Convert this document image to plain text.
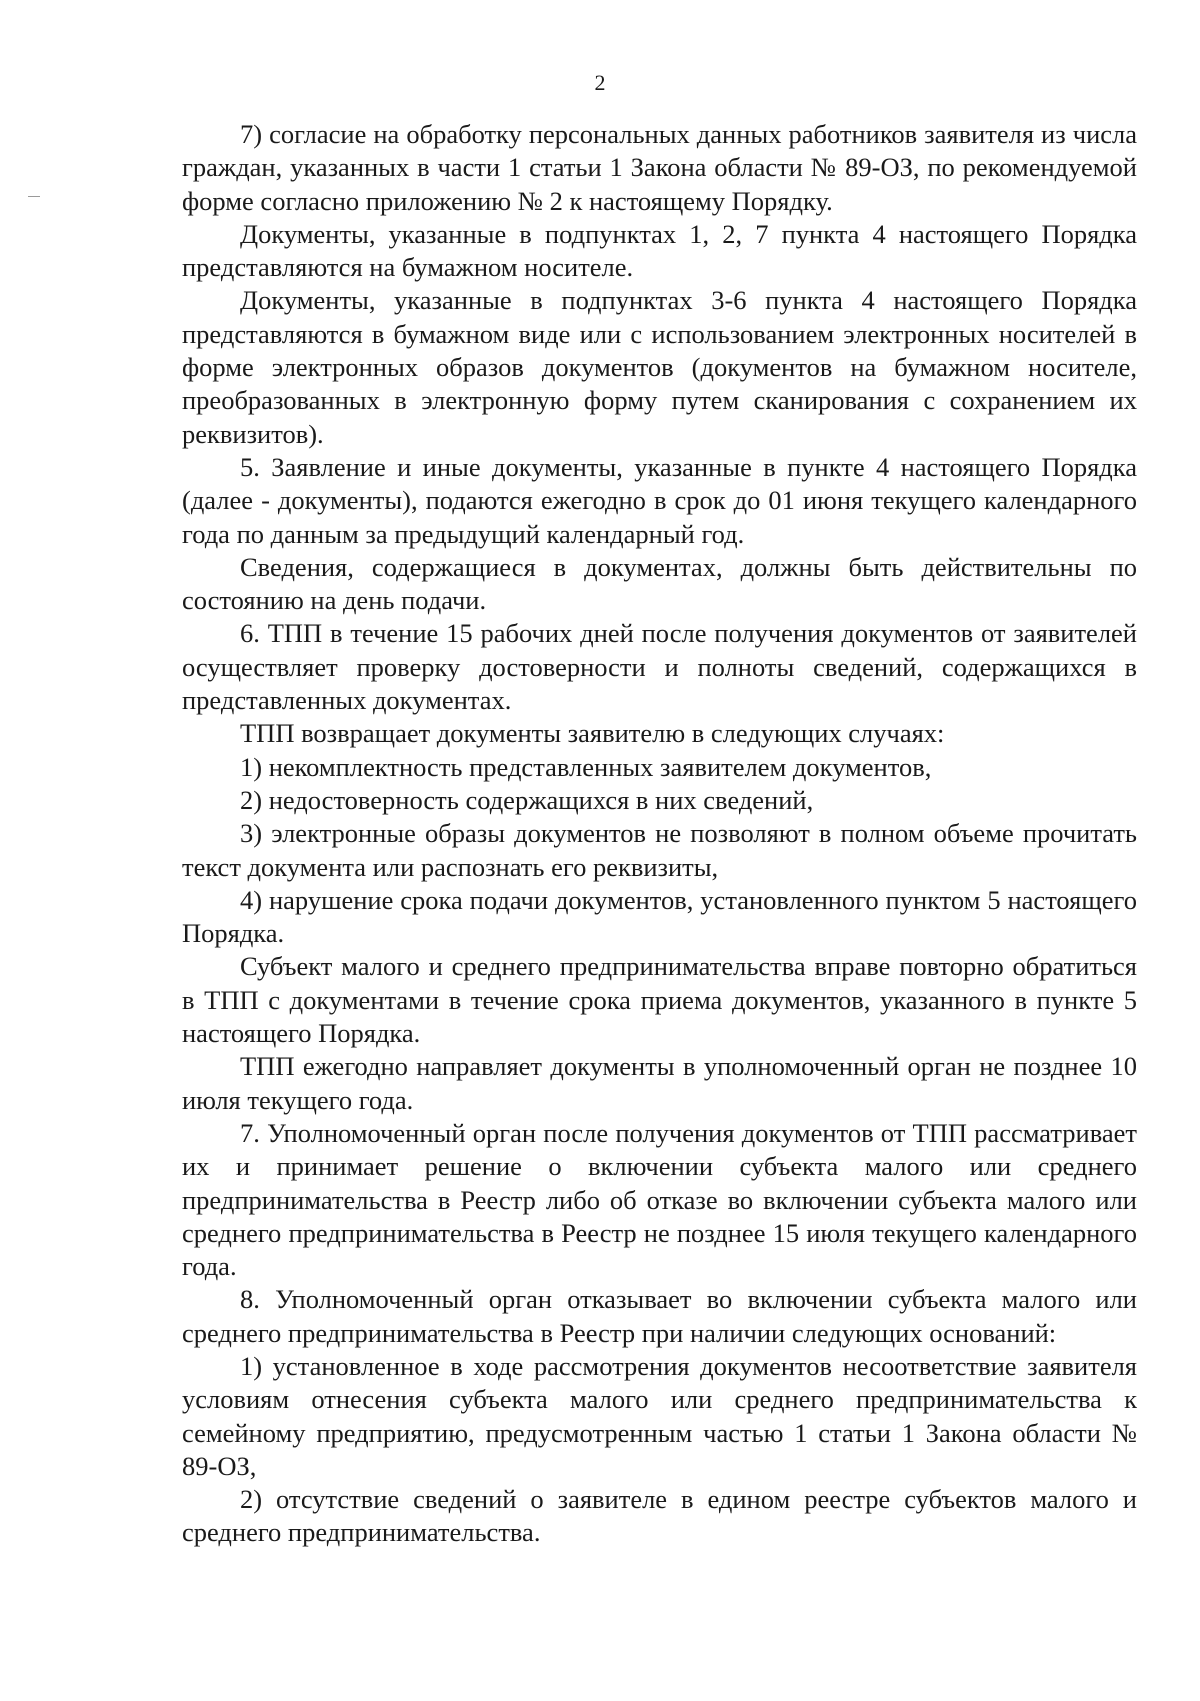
2

7) согласие на обработку персональных данных работников заявителя из числа граждан, указанных в части 1 статьи 1 Закона области № 89-ОЗ, по рекомендуемой форме согласно приложению № 2 к настоящему Порядку.

Документы, указанные в подпунктах 1, 2, 7 пункта 4 настоящего Порядка представляются на бумажном носителе.

Документы, указанные в подпунктах 3-6 пункта 4 настоящего Порядка представляются в бумажном виде или с использованием электронных носителей в форме электронных образов документов (документов на бумажном носителе, преобразованных в электронную форму путем сканирования с сохранением их реквизитов).

5. Заявление и иные документы, указанные в пункте 4 настоящего Порядка (далее - документы), подаются ежегодно в срок до 01 июня текущего календарного года по данным за предыдущий календарный год.

Сведения, содержащиеся в документах, должны быть действительны по состоянию на день подачи.

6. ТПП в течение 15 рабочих дней после получения документов от заявителей осуществляет проверку достоверности и полноты сведений, содержащихся в представленных документах.

ТПП возвращает документы заявителю в следующих случаях:

1) некомплектность представленных заявителем документов,

2) недостоверность содержащихся в них сведений,

3) электронные образы документов не позволяют в полном объеме прочитать текст документа или распознать его реквизиты,

4) нарушение срока подачи документов, установленного пунктом 5 настоящего Порядка.

Субъект малого и среднего предпринимательства вправе повторно обратиться в ТПП с документами в течение срока приема документов, указанного в пункте 5 настоящего Порядка.

ТПП ежегодно направляет документы в уполномоченный орган не позднее 10 июля текущего года.

7. Уполномоченный орган после получения документов от ТПП рассматривает их и принимает решение о включении субъекта малого или среднего предпринимательства в Реестр либо об отказе во включении субъекта малого или среднего предпринимательства в Реестр не позднее 15 июля текущего календарного года.

8. Уполномоченный орган отказывает во включении субъекта малого или среднего предпринимательства в Реестр при наличии следующих оснований:

1) установленное в ходе рассмотрения документов несоответствие заявителя условиям отнесения субъекта малого или среднего предпринимательства к семейному предприятию, предусмотренным частью 1 статьи 1 Закона области № 89-ОЗ,

2) отсутствие сведений о заявителе в едином реестре субъектов малого и среднего предпринимательства.
